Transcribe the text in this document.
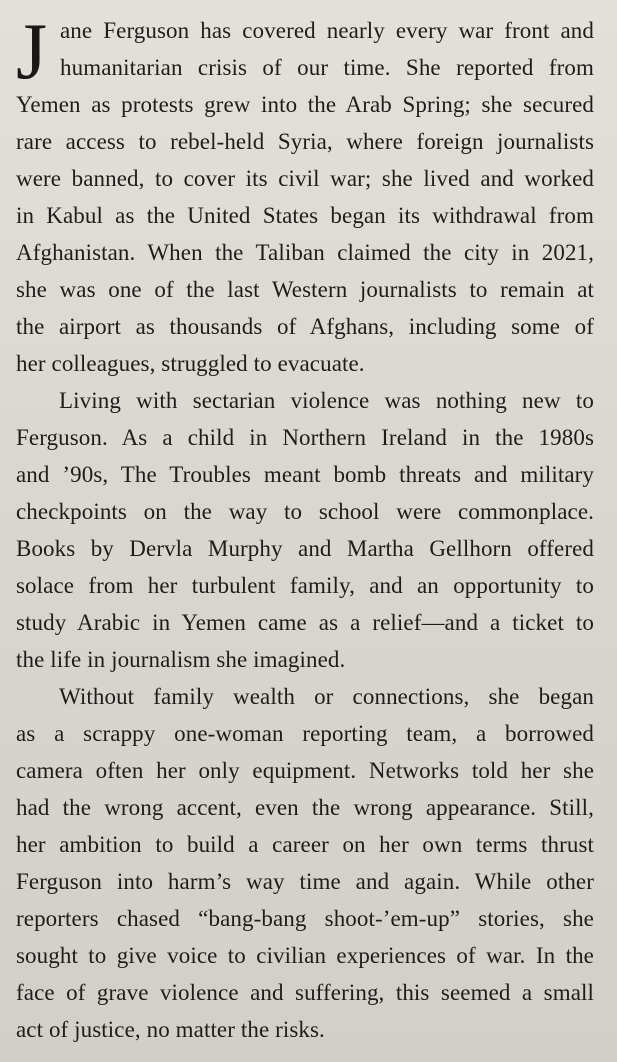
J ane Ferguson has covered nearly every war front and
humanitarian crisis of our time. She reported from
Yemen as protests grew into the Arab Spring; she secured
rare access to rebel-held Syria, where foreign journalists
were banned, to cover its civil war; she lived and worked
in Kabul as the United States began its withdrawal from
Afghanistan. When the Taliban claimed the city in 2021,
she was one of the last Western journalists to remain at
the airport as thousands of Afghans, including some of
her colleagues, struggled to evacuate.
Living with sectarian violence was nothing new to
Ferguson. As a child in Northern Ireland in the 1980s
and ’90s, The Troubles meant bomb threats and military
checkpoints on the way to school were commonplace.
Books by Dervla Murphy and Martha Gellhorn offered
solace from her turbulent family, and an opportunity to
study Arabic in Yemen came as a relief—and a ticket to
the life in journalism she imagined.
Without family wealth or connections, she began
as a scrappy one-woman reporting team, a borrowed
camera often her only equipment. Networks told her she
had the wrong accent, even the wrong appearance. Still,
her ambition to build a career on her own terms thrust
Ferguson into harm’s way time and again. While other
reporters chased “bang-bang shoot-’em-up” stories, she
sought to give voice to civilian experiences of war. In the
face of grave violence and suffering, this seemed a small
act of justice, no matter the risks.
